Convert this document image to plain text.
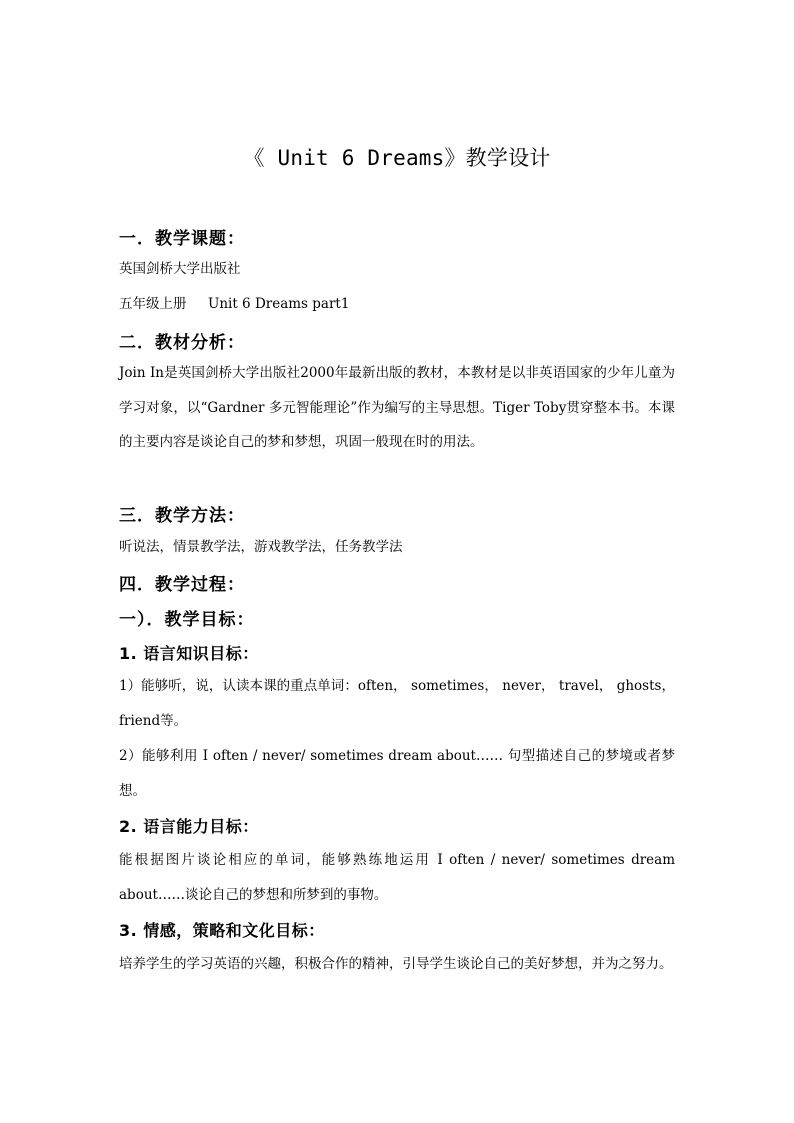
《 Unit 6 Dreams》教学设计
一．教学课题：
英国剑桥大学出版社
五年级上册     Unit 6 Dreams part1
二．教材分析：
Join In是英国剑桥大学出版社2000年最新出版的教材，本教材是以非英语国家的少年儿童为学习对象，以“Gardner 多元智能理论”作为编写的主导思想。Tiger Toby贯穿整本书。本课的主要内容是谈论自己的梦和梦想，巩固一般现在时的用法。
三．教学方法：
听说法，情景教学法，游戏教学法，任务教学法
四．教学过程：
一）．教学目标：
1. 语言知识目标：
1）能够听，说，认读本课的重点单词：often， sometimes， never， travel， ghosts， friend等。
2）能够利用 I often / never/ sometimes dream about…… 句型描述自己的梦境或者梦想。
2. 语言能力目标：
能根据图片谈论相应的单词，能够熟练地运用 I often / never/ sometimes dream about……谈论自己的梦想和所梦到的事物。
3. 情感，策略和文化目标：
培养学生的学习英语的兴趣，积极合作的精神，引导学生谈论自己的美好梦想，并为之努力。
